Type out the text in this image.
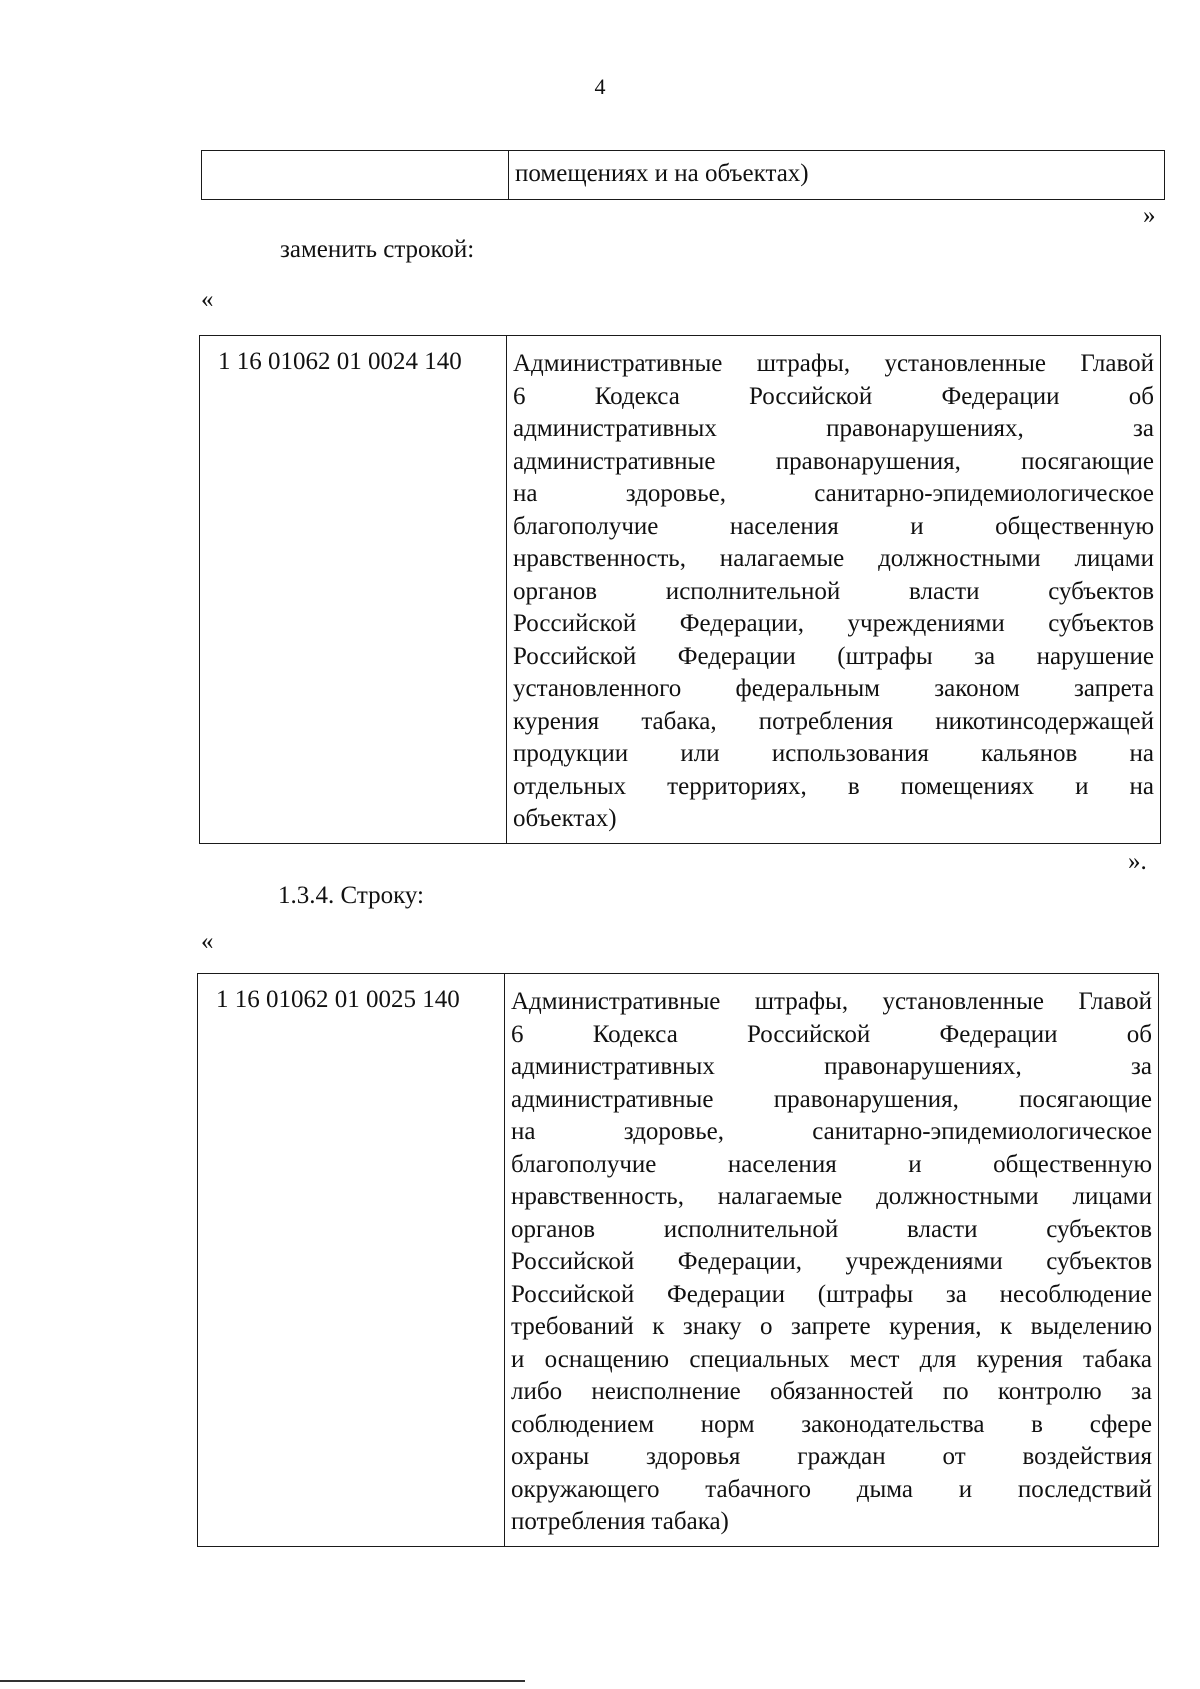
4
	помещениях и на объектах)
»
заменить строкой:
«
1 16 01062 01 0024 140	Административные штрафы, установленные Главой
6 Кодекса Российской Федерации об
административных правонарушениях, за
административные правонарушения, посягающие
на здоровье, санитарно-эпидемиологическое
благополучие населения и общественную
нравственность, налагаемые должностными лицами
органов исполнительной власти субъектов
Российской Федерации, учреждениями субъектов
Российской Федерации (штрафы за нарушение
установленного федеральным законом запрета
курения табака, потребления никотинсодержащей
продукции или использования кальянов на
отдельных территориях, в помещениях и на
объектах)
».
1.3.4. Строку:
«
1 16 01062 01 0025 140	Административные штрафы, установленные Главой
6 Кодекса Российской Федерации об
административных правонарушениях, за
административные правонарушения, посягающие
на здоровье, санитарно-эпидемиологическое
благополучие населения и общественную
нравственность, налагаемые должностными лицами
органов исполнительной власти субъектов
Российской Федерации, учреждениями субъектов
Российской Федерации (штрафы за несоблюдение
требований к знаку о запрете курения, к выделению
и оснащению специальных мест для курения табака
либо неисполнение обязанностей по контролю за
соблюдением норм законодательства в сфере
охраны здоровья граждан от воздействия
окружающего табачного дыма и последствий
потребления табака)
